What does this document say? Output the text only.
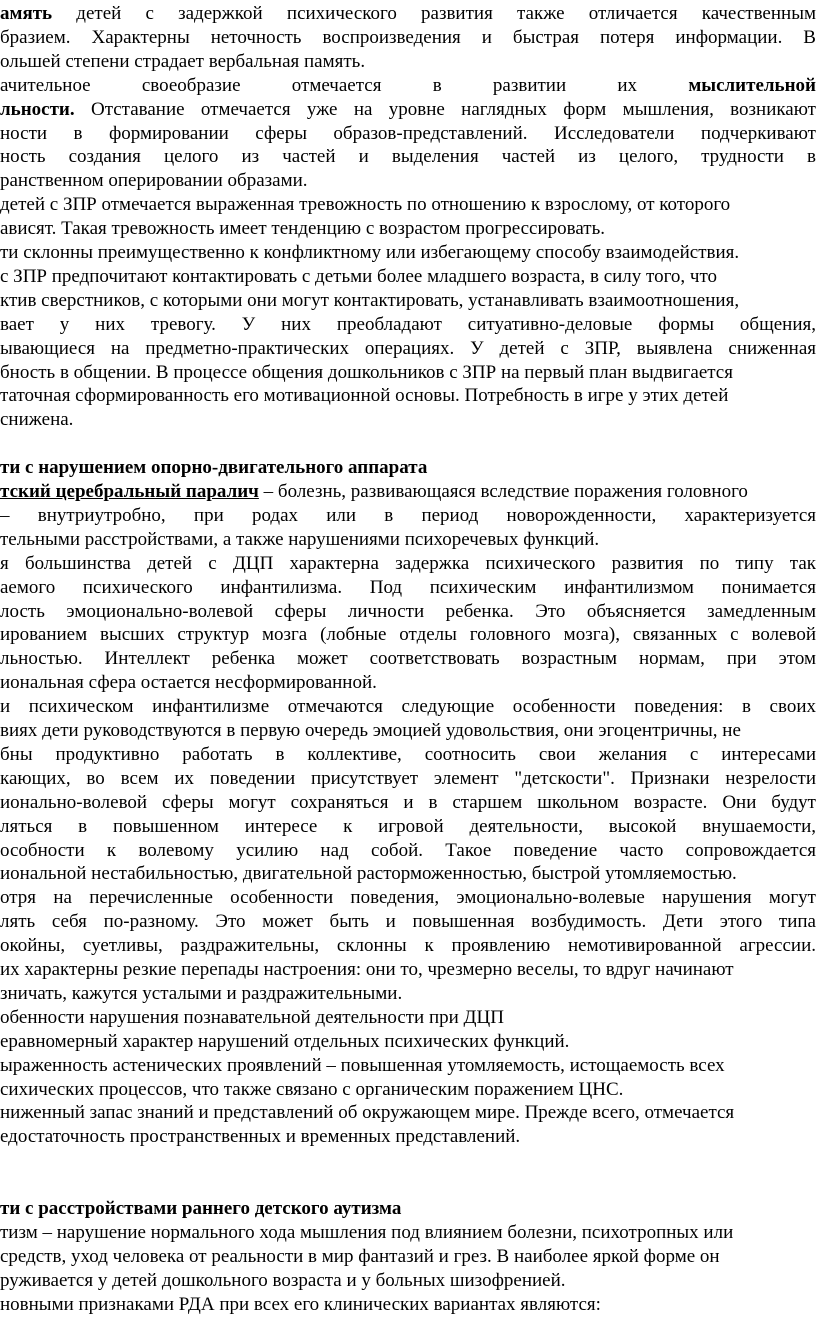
амять детей с задержкой психического развития также отличается качественным
бразием. Характерны неточность воспроизведения и быстрая потеря информации. В
ольшей степени страдает вербальная память.
ачительное своеобразие отмечается в развитии их мыслительной
льности. Отставание отмечается уже на уровне наглядных форм мышления, возникают
ности в формировании сферы образов-представлений. Исследователи подчеркивают
ность создания целого из частей и выделения частей из целого, трудности в
ранственном оперировании образами.
детей с ЗПР отмечается выраженная тревожность по отношению к взрослому, от которого
ависят. Такая тревожность имеет тенденцию с возрастом прогрессировать.
ти склонны преимущественно к конфликтному или избегающему способу взаимодействия.
с ЗПР предпочитают контактировать с детьми более младшего возраста, в силу того, что
ктив сверстников, с которыми они могут контактировать, устанавливать взаимоотношения,
вает у них тревогу. У них преобладают ситуативно-деловые формы общения,
ывающиеся на предметно-практических операциях. У детей с ЗПР, выявлена сниженная
бность в общении. В процессе общения дошкольников с ЗПР на первый план выдвигается
таточная сформированность его мотивационной основы. Потребность в игре у этих детей
снижена.
ти с нарушением опорно-двигательного аппарата
тский церебральный паралич – болезнь, развивающаяся вследствие поражения головного
– внутриутробно, при родах или в период новорожденности, характеризуется
тельными расстройствами, а также нарушениями психоречевых функций.
я большинства детей с ДЦП характерна задержка психического развития по типу так
аемого психического инфантилизма. Под психическим инфантилизмом понимается
лость эмоционально-волевой сферы личности ребенка. Это объясняется замедленным
ированием высших структур мозга (лобные отделы головного мозга), связанных с волевой
льностью. Интеллект ребенка может соответствовать возрастным нормам, при этом
иональная сфера остается несформированной.
и психическом инфантилизме отмечаются следующие особенности поведения: в своих
виях дети руководствуются в первую очередь эмоцией удовольствия, они эгоцентричны, не
бны продуктивно работать в коллективе, соотносить свои желания с интересами
кающих, во всем их поведении присутствует элемент "детскости". Признаки незрелости
ионально-волевой сферы могут сохраняться и в старшем школьном возрасте. Они будут
ляться в повышенном интересе к игровой деятельности, высокой внушаемости,
особности к волевому усилию над собой. Такое поведение часто сопровождается
иональной нестабильностью, двигательной расторможенностью, быстрой утомляемостью.
отря на перечисленные особенности поведения, эмоционально-волевые нарушения могут
лять себя по-разному. Это может быть и повышенная возбудимость. Дети этого типа
окойны, суетливы, раздражительны, склонны к проявлению немотивированной агрессии.
их характерны резкие перепады настроения: они то, чрезмерно веселы, то вдруг начинают
зничать, кажутся усталыми и раздражительными.
обенности нарушения познавательной деятельности при ДЦП
еравномерный характер нарушений отдельных психических функций.
ыраженность астенических проявлений – повышенная утомляемость, истощаемость всех
сихических процессов, что также связано с органическим поражением ЦНС.
ниженный запас знаний и представлений об окружающем мире. Прежде всего, отмечается
едостаточность пространственных и временных представлений.
ти с расстройствами раннего детского аутизма
тизм – нарушение нормального хода мышления под влиянием болезни, психотропных или
средств, уход человека от реальности в мир фантазий и грез. В наиболее яркой форме он
руживается у детей дошкольного возраста и у больных шизофренией.
новными признаками РДА при всех его клинических вариантах являются:
